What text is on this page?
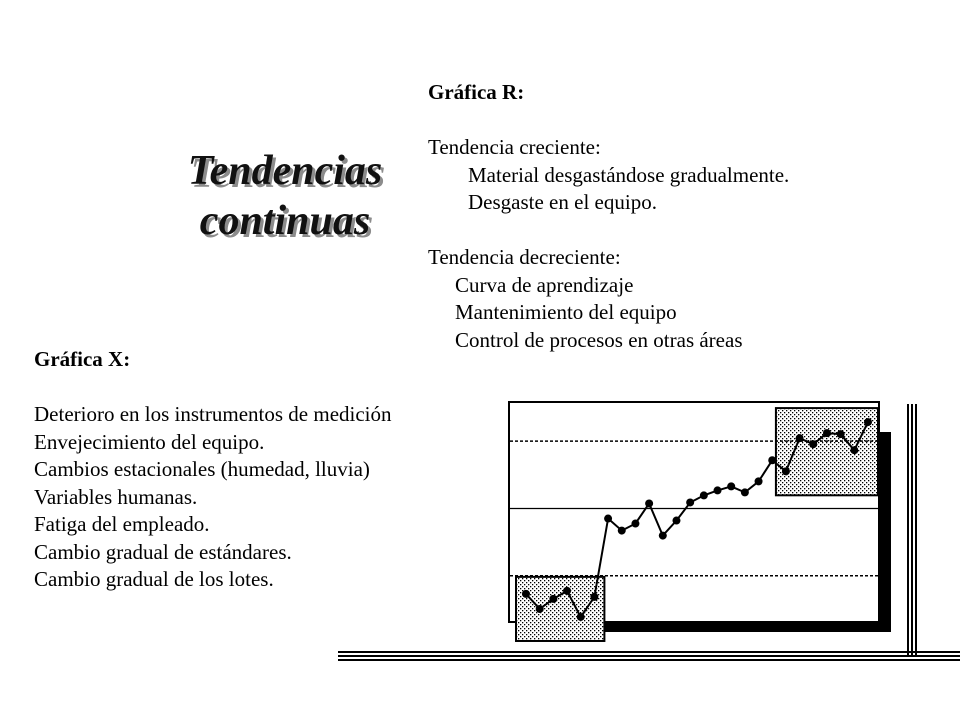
Tendencias
continuas
Gráfica R:
Tendencia creciente:
Material desgastándose gradualmente.
Desgaste en el equipo.
Tendencia decreciente:
Curva de aprendizaje
Mantenimiento del equipo
Control de procesos en otras áreas
Gráfica X:
Deterioro en los instrumentos de medición
Envejecimiento del equipo.
Cambios estacionales (humedad, lluvia)
Variables humanas.
Fatiga del empleado.
Cambio gradual de estándares.
Cambio gradual de los lotes.
